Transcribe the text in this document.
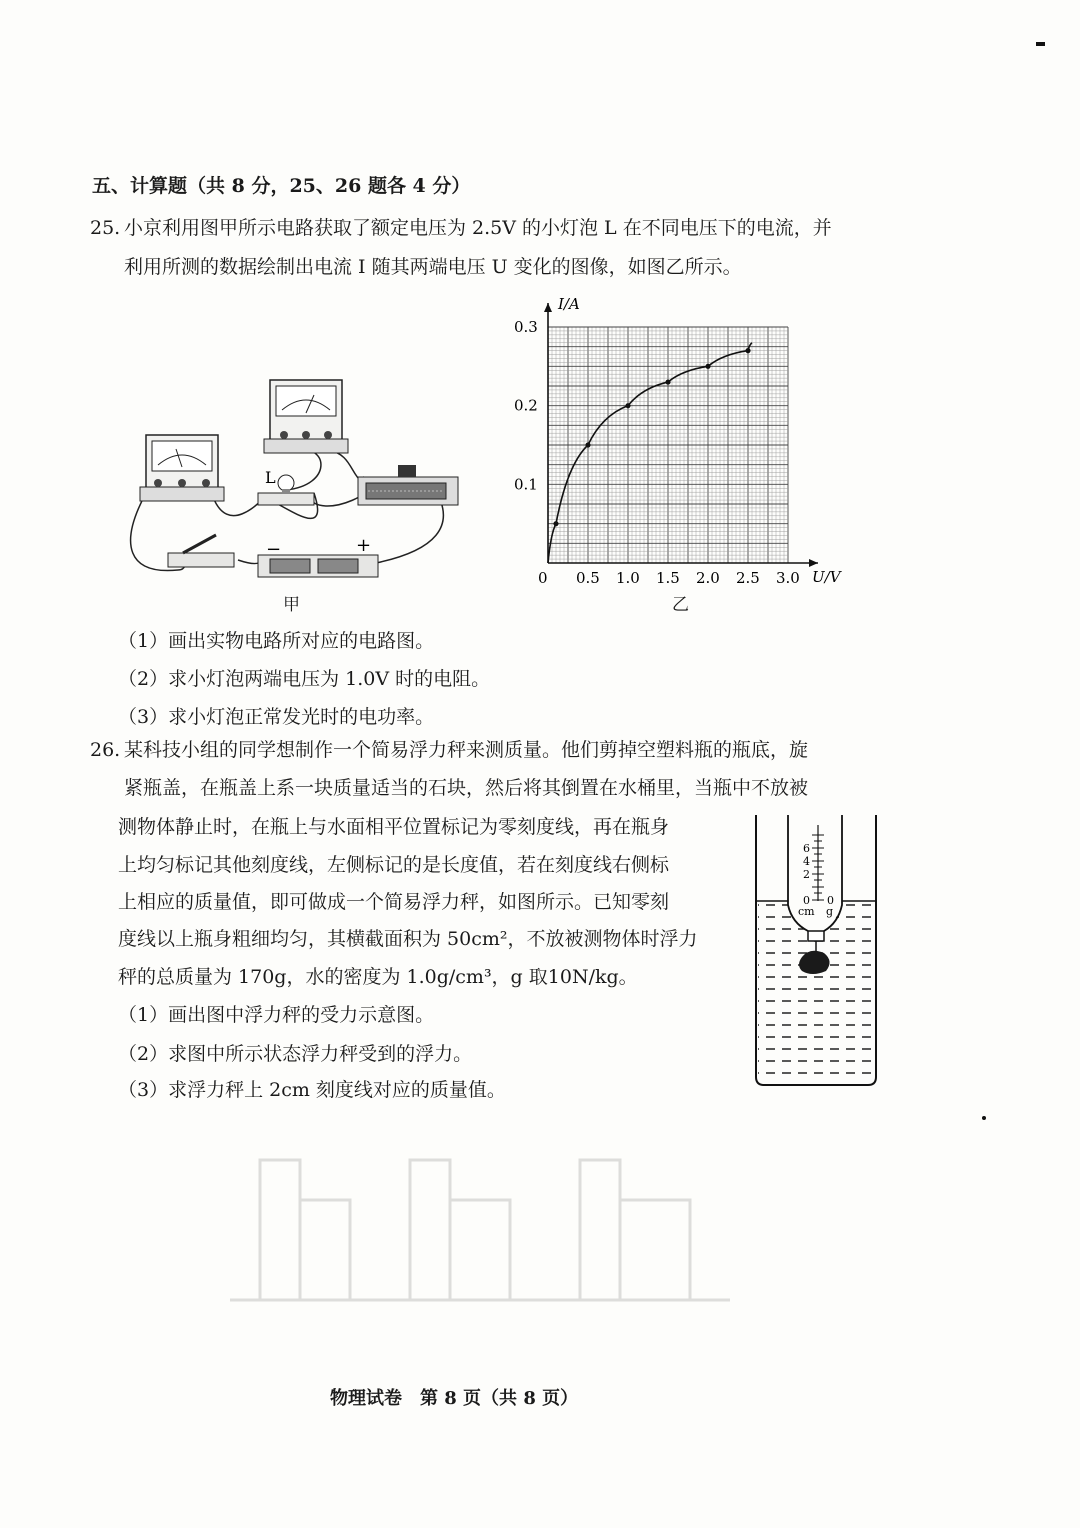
五、计算题（共 8 分，25、26 题各 4 分）
25. 小京利用图甲所示电路获取了额定电压为 2.5V 的小灯泡 L 在不同电压下的电流，并
利用所测的数据绘制出电流 I 随其两端电压 U 变化的图像，如图乙所示。
L
−	+
甲
U/V
I/A
0 0.5 1.0 1.5 2.0 2.5 3.0
0.1
0.2
0.3
乙
（1）画出实物电路所对应的电路图。
（2）求小灯泡两端电压为 1.0V 时的电阻。
（3）求小灯泡正常发光时的电功率。
26. 某科技小组的同学想制作一个简易浮力秤来测质量。他们剪掉空塑料瓶的瓶底，旋
紧瓶盖，在瓶盖上系一块质量适当的石块，然后将其倒置在水桶里，当瓶中不放被
测物体静止时，在瓶上与水面相平位置标记为零刻度线，再在瓶身
上均匀标记其他刻度线，左侧标记的是长度值，若在刻度线右侧标
上相应的质量值，即可做成一个简易浮力秤，如图所示。已知零刻
度线以上瓶身粗细均匀，其横截面积为 50cm²，不放被测物体时浮力
秤的总质量为 170g，水的密度为 1.0g/cm³，g 取10N/kg。
（1）画出图中浮力秤的受力示意图。
（2）求图中所示状态浮力秤受到的浮力。
（3）求浮力秤上 2cm 刻度线对应的质量值。
6
4
2
0 0
cm g
物理试卷　第 8 页（共 8 页）
